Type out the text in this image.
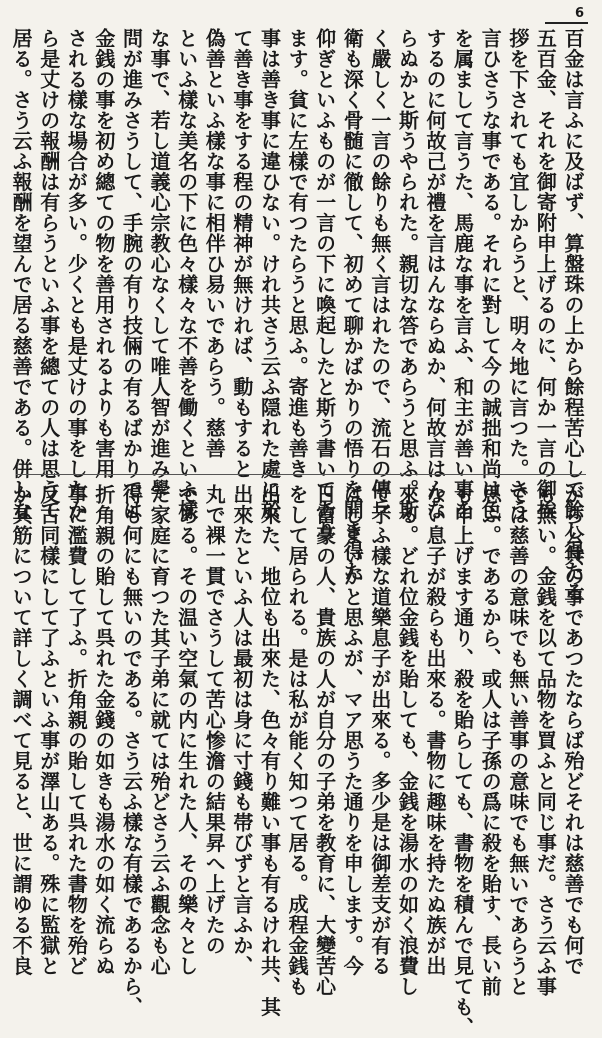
6
百金は言ふに及ばず、算盤珠の上から餘程苦心して餘し得たる
五百金、それを御寄附申上げるのに、何か一言の御挨
拶を下されても宜しからうと、明々地に言つた。さう
言ひさうな事である。それに對して今の誠拙和尚は色
を属まして言うた、馬鹿な事を言ふ、和主が善い事を
するのに何故己が禮を言はんならぬか、何故言はんな
らぬかと斯うやられた。親切な答であらうと思ふ。斯
く嚴しく一言の餘りも無く言はれたので、流石の傳兵
衛も深く骨髄に徹して、初めて聊かばかりの悟りを開き得た
仰ぎといふものが一言の下に喚起したと斯う書いてあり
ます。貧に左樣で有つたらうと思ふ。寄進も善き
事は善き事に違ひない。けれ共さう云ふ隠れた處に於
て善き事をする程の精神が無ければ、動もすると
偽善といふ樣な事に相伴ひ易いであらう。慈善
といふ樣な美名の下に色々樣々な不善を働くといふ樣
な事で、若し道義心宗教心なくして唯人智が進み學
問が進みさうして、手腕の有り技倆の有るばかりでは
金銭の事を初め總ての物を善用されるよりも害用
される樣な場合が多い。少くとも是丈けの事をしたか
ら是丈けの報酬は有らうといふ事を總ての人は思うて
居る。さう云ふ報酬を望んで居る慈善である。併しな
がら公共の事であつたならば殆どそれは慈善でも何で
も無い。金銭を以て品物を買ふと同じ事だ。さう云ふ事
では慈善の意味でも無い善事の意味でも無いであらうと
思ふ。であるから、或人は子孫の爲に殺を貽す、長い前
も申上げます通り、殺を貽らしても、書物を積んで見ても、
ない息子が殺らも出來る。書物に趣味を持たぬ族が出
來る。どれ位金銭を貽しても、金銭を湯水の如く浪費し
て了ふ樣な道樂息子が出來る。多少是は御差支が有る
はしまいかと思ふが、マア思うた通りを申します。今
日富豪の人、貴族の人が自分の子弟を教育に、大變苦心
をして居られる。是は私が能く知つて居る。成程金銭も
出來た、地位も出來た、色々有り難い事も有るけれ共、其
出來たといふ人は最初は身に寸錢も帯びずと言ふか、
丸で裸一貫でさうして苦心惨澹の結果昇へ上げたの
である。その温い空氣の内に生れた人、その樂々とし
た家庭に育つた其子弟に就ては殆どさう云ふ觀念も心
得も何にも無いのである。さう云ふ樣な有樣であるから、
折角親の貽して呉れた金錢の如きも湯水の如く流らぬ
事に濫費して了ふ。折角親の貽して呉れた書物を殆ど
反古同樣にして了ふといふ事が澤山ある。殊に監獄と
か其筋について詳しく調べて見ると、世に謂ゆる不良
